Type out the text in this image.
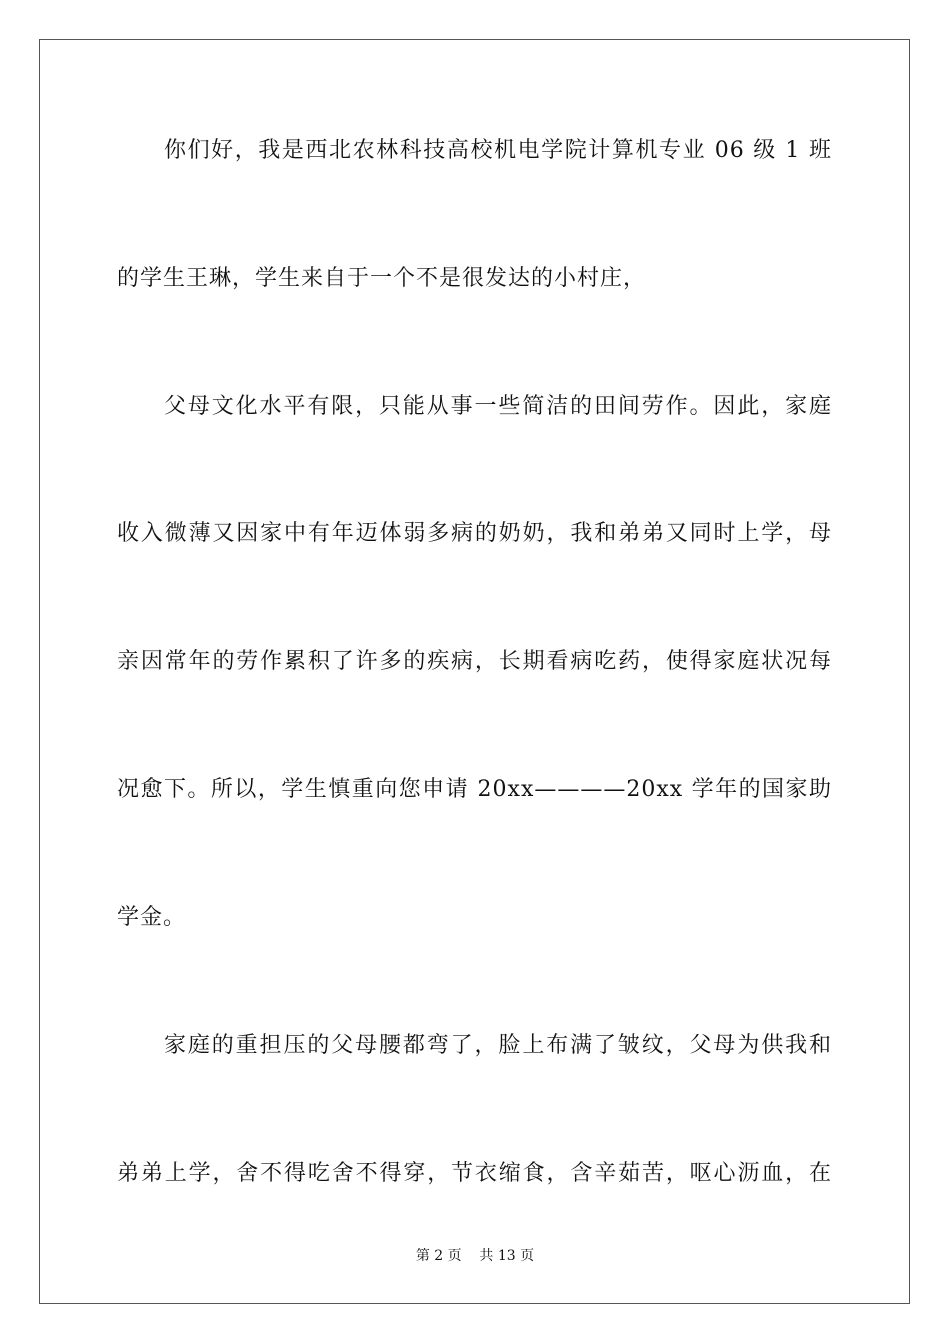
你们好，我是西北农林科技高校机电学院计算机专业 06 级 1 班
的学生王琳，学生来自于一个不是很发达的小村庄，
父母文化水平有限，只能从事一些简洁的田间劳作。因此，家庭
收入微薄又因家中有年迈体弱多病的奶奶，我和弟弟又同时上学，母
亲因常年的劳作累积了许多的疾病，长期看病吃药，使得家庭状况每
况愈下。所以，学生慎重向您申请 20xx————20xx 学年的国家助
学金。
家庭的重担压的父母腰都弯了，脸上布满了皱纹，父母为供我和
弟弟上学，舍不得吃舍不得穿，节衣缩食，含辛茹苦，呕心沥血，在
第 2 页    共 13 页
